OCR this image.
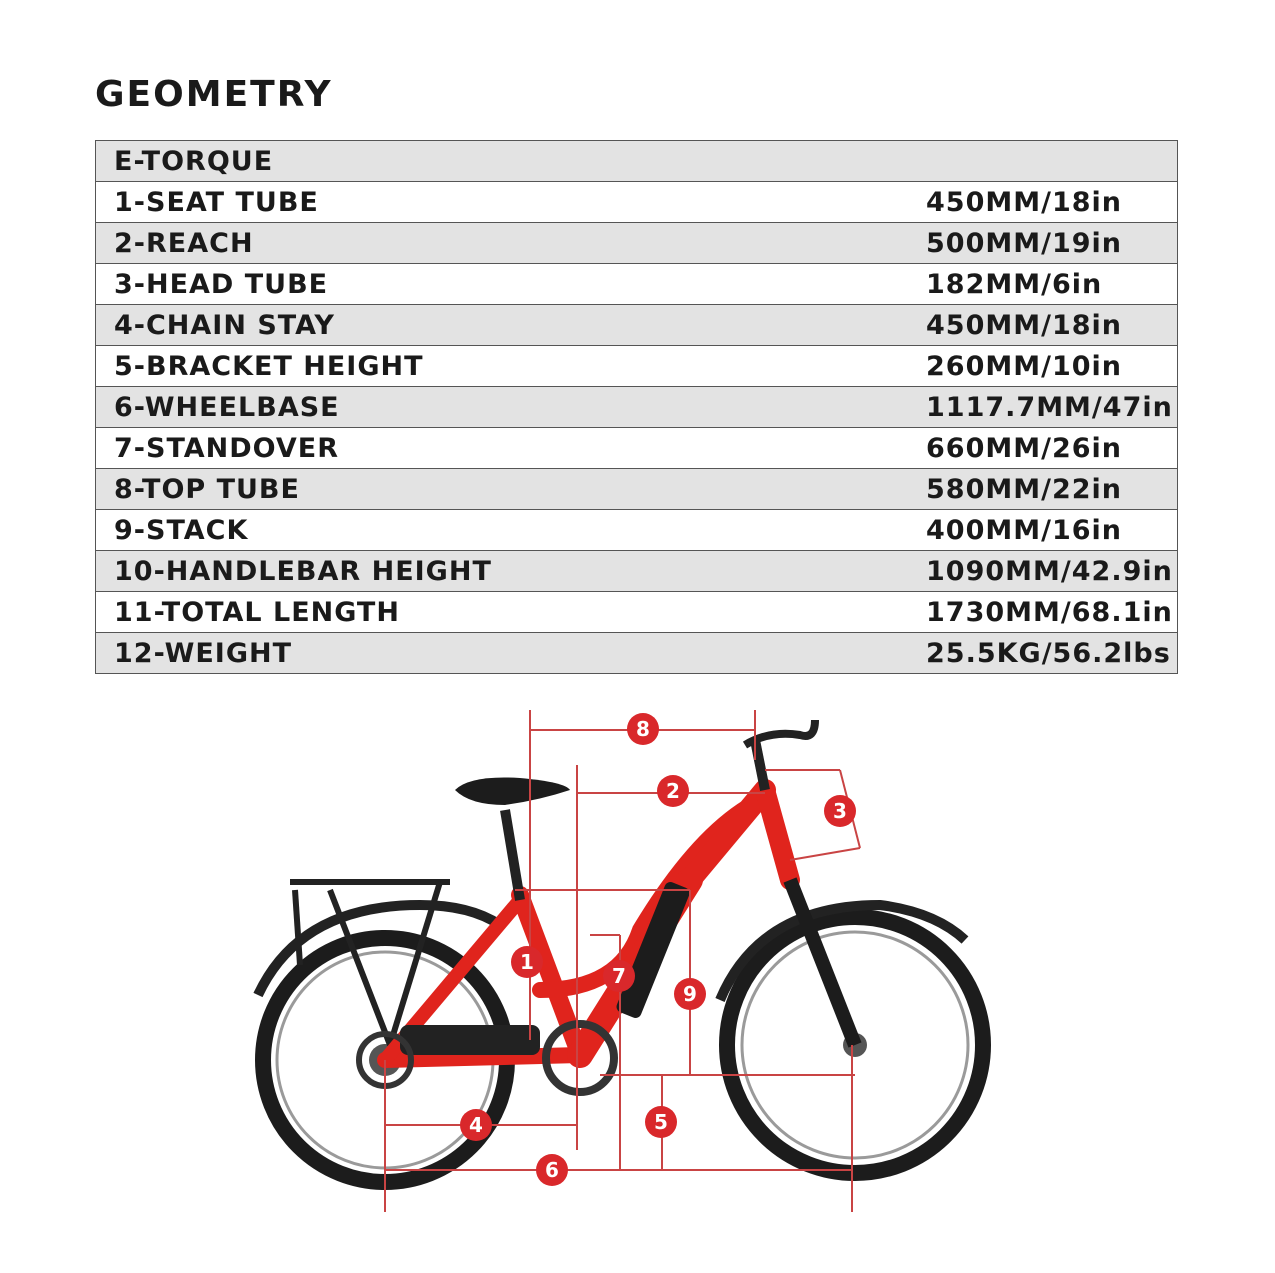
GEOMETRY
E-TORQUE	
1-SEAT TUBE	450MM/18in
2-REACH	500MM/19in
3-HEAD TUBE	182MM/6in
4-CHAIN STAY	450MM/18in
5-BRACKET HEIGHT	260MM/10in
6-WHEELBASE	1117.7MM/47in
7-STANDOVER	660MM/26in
8-TOP TUBE	580MM/22in
9-STACK	400MM/16in
10-HANDLEBAR HEIGHT	1090MM/42.9in
11-TOTAL LENGTH	1730MM/68.1in
12-WEIGHT	25.5KG/56.2lbs
1
2
3
4	5
6
7
8
9
